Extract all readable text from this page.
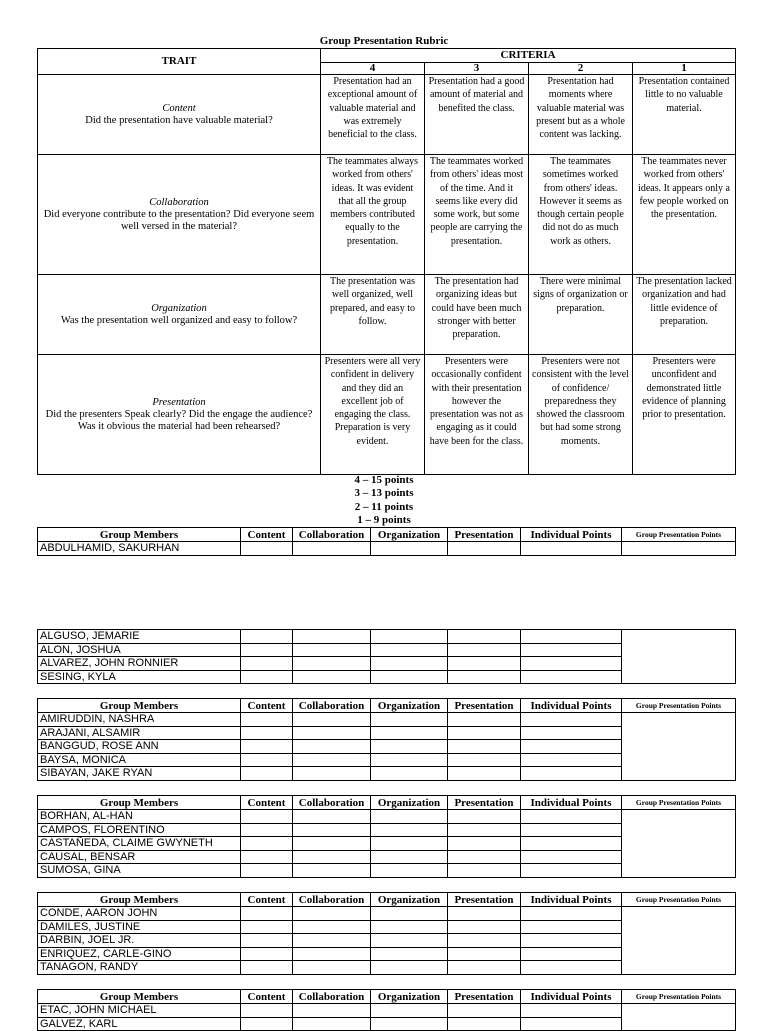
Group Presentation Rubric
TRAIT	CRITERIA			
	4	3	2	1

Content
Did the presentation have valuable material?	Presentation had an exceptional amount of valuable material and was extremely beneficial to the class.	Presentation had a good amount of material and benefited the class.	Presentation had moments where valuable material was present but as a whole content was lacking.	Presentation contained little to no valuable material.

Collaboration
Did everyone contribute to the presentation? Did everyone seem well versed in the material?	The teammates always worked from others' ideas. It was evident that all the group members contributed equally to the presentation.	The teammates worked from others' ideas most of the time. And it seems like every did some work, but some people are carrying the presentation.	The teammates sometimes worked from others' ideas. However it seems as though certain people did not do as much work as others.	The teammates never worked from others' ideas. It appears only a few people worked on the presentation.

Organization
Was the presentation well organized and easy to follow?	The presentation was well organized, well prepared, and easy to follow.	The presentation had organizing ideas but could have been much stronger with better preparation.	There were minimal signs of organization or preparation.	The presentation lacked organization and had little evidence of preparation.

Presentation
Did the presenters Speak clearly? Did the engage the audience? Was it obvious the material had been rehearsed?	Presenters were all very confident in delivery and they did an excellent job of engaging the class. Preparation is very evident.	Presenters were occasionally confident with their presentation however the presentation was not as engaging as it could have been for the class.	Presenters were not consistent with the level of confidence/ preparedness they showed the classroom but had some strong moments.	Presenters were unconfident and demonstrated little evidence of planning prior to presentation.
4 – 15 points
3 – 13 points
2 – 11 points
1 – 9 points
Group Members	Content	Collaboration	Organization	Presentation	Individual Points	Group Presentation Points
ABDULHAMID, SAKURHAN						
ALGUSO, JEMARIE						
ALON, JOSHUA						
ALVAREZ, JOHN RONNIER						
SESING, KYLA						
Group Members	Content	Collaboration	Organization	Presentation	Individual Points	Group Presentation Points
AMIRUDDIN, NASHRA						
ARAJANI, ALSAMIR						
BANGGUD, ROSE ANN						
BAYSA, MONICA						
SIBAYAN, JAKE RYAN						
Group Members	Content	Collaboration	Organization	Presentation	Individual Points	Group Presentation Points
BORHAN, AL-HAN						
CAMPOS, FLORENTINO						
CASTAÑEDA, CLAIME GWYNETH						
CAUSAL, BENSAR						
SUMOSA, GINA						
Group Members	Content	Collaboration	Organization	Presentation	Individual Points	Group Presentation Points
CONDE, AARON JOHN						
DAMILES, JUSTINE						
DARBIN, JOEL JR.						
ENRIQUEZ, CARLE-GINO						
TANAGON, RANDY						
Group Members	Content	Collaboration	Organization	Presentation	Individual Points	Group Presentation Points
ETAC, JOHN MICHAEL						
GALVEZ, KARL						
